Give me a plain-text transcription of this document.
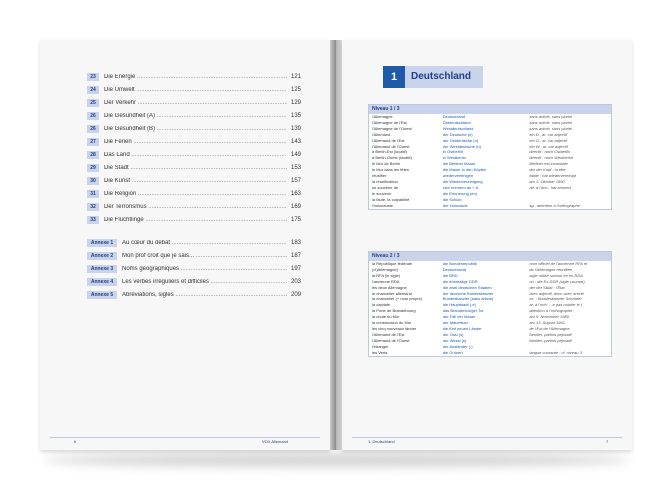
23	Die Energie .....	121
24	Die Umwelt .....	125
25	Der Verkehr .....	129
26	Die Gesundheit (A) .....	135
26	Die Gesundheit (B) .....	139
27	Die Ferien .....	143
28	Das Land .....	149
29	Die Stadt .....	153
30	Die Kunst .....	157
31	Die Religion .....	163
32	Der Terrorismus .....	169
33	Die Flüchtlinge .....	175
Annexe 1	Au cœur du débat .....	183
Annexe 2	Mon prof croit que je sais... .....	187
Annexe 3	Noms géographiques .....	197
Annexe 4	Les verbes irréguliers et difficiles .....	203
Annexe 5	Abréviations, sigles .....	209
6	VOX Allemand
1	Deutschland
Niveau 1 / 3
l'Allemagne	Deutschland	sans article, sans pluriel
l'Allemagne de l'Est	Ostdeutschland	sans article, sans pluriel
l'Allemagne de l'Ouest	Westdeutschland	sans article, sans pluriel
l'Allemand	der Deutsche (n)	ein D., ar. car adjectif
l'Allemand de l'Est	der Ostdeutsche (n)	ein O., ar. car adjectif
l'Allemand de l'Ouest	der Westdeutsche (n)	ein W., ar. car adjectif
à Berlin-Est (locatif)	in Ostberlin	directif : nach Ostberlin
à Berlin-Ouest (locatif)	in Westberlin	directif : nach Westberlin
le Mur de Berlin	die Berliner Mauer	Berliner est invariable
le Mur dans les têtes	die Mauer in den Köpfen	der der Kopf : la tête
réunifier	wiedervereinigen	faible : hat wiedervereinigt
la réunification	die Wiedervereinigung	am 3. Oktober 1990
se souvenir de	sich erinnern an + A	att. à l'ach., hat erinnert
le souvenir	die Erinnerung (en)
la faute, la culpabilité	die Schuld
l'holocauste	der Holocaust	sg., attention à l'orthographe
Niveau 2 / 3
la République fédérale	die Bundesrepublik	nom officiel de l'ancienne RFA et
(d')Allemagne)	Deutschland)	de l'Allemagne réunifiée
la RFA (le sigle)	die BRD	sigle utilisé surtout en ex-RDA
l'ancienne RDA	die ehemalige DDR	ou : die Ex-DDR (sigle courant)
les deux Allemagne	die zwei deutschen Staaten	der der Staat : l'État
le chancelier allemand	der deutsche Bundeskanzler	avec adjectif, donc avec article
la chancelier (+ nom propre)	Bundeskanzler (sans article)	ex. : Bundeskanzler Schröder
la capitale	die Hauptstadt (-e)	ar. à l'orth. : -e pas oublier le t
la Porte de Brandebourg	das Brandenburger Tor	attention à l'orthographe
la chute du Mur	der Fall der Mauer	am 9. November 1989
la construction du Mur	der Mauerbau	am 13. August 1961
les cinq nouveaux länder	die fünf neuen Länder	de l'Est de l'Allemagne
l'Allemand de l'Est	der Ossi (s)	familier, parfois péjoratif
l'Allemand de l'Ouest	der Wessi (s)	familier, parfois péjoratif
l'étranger	der Ausländer (-)
les Verts	die Grünen	langue courante ; cf. niveau 3
1. Deutschland	7
